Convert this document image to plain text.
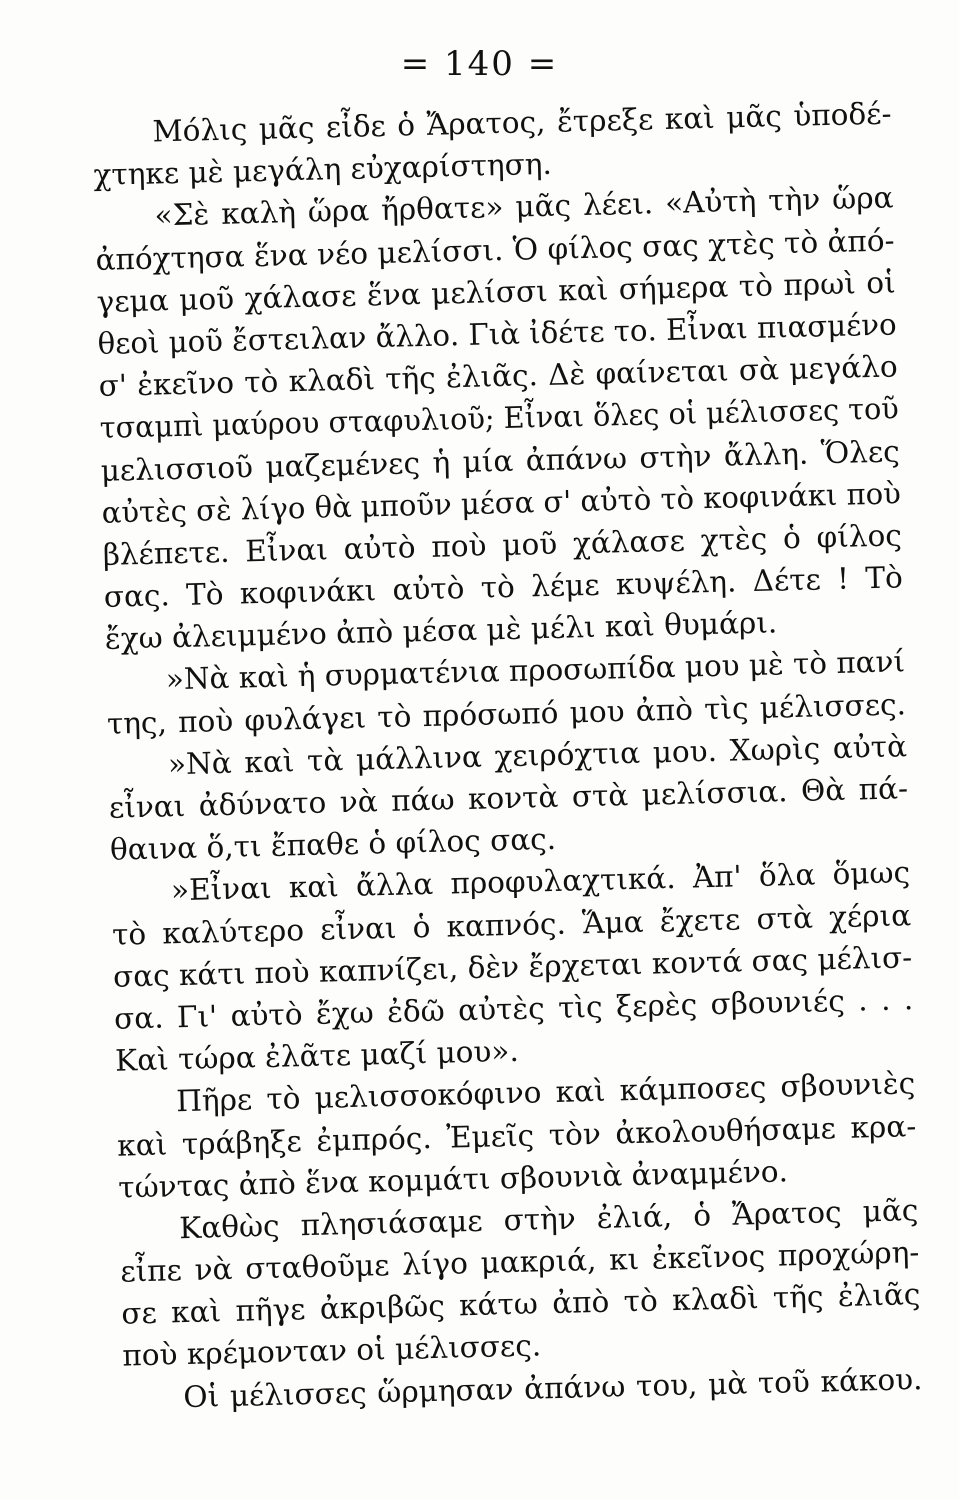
= 140 =
Μόλις μᾶς εἶδε ὁ Ἄρατος, ἔτρεξε καὶ μᾶς ὑποδέ-
χτηκε μὲ μεγάλη εὐχαρίστηση.
«Σὲ καλὴ ὥρα ἤρθατε» μᾶς λέει. «Αὐτὴ τὴν ὥρα
ἀπόχτησα ἕνα νέο μελίσσι. Ὁ φίλος σας χτὲς τὸ ἀπό-
γεμα μοῦ χάλασε ἕνα μελίσσι καὶ σήμερα τὸ πρωὶ οἱ
θεοὶ μοῦ ἔστειλαν ἄλλο. Γιὰ ἰδέτε το. Εἶναι πιασμένο
σ' ἐκεῖνο τὸ κλαδὶ τῆς ἐλιᾶς. Δὲ φαίνεται σὰ μεγάλο
τσαμπὶ μαύρου σταφυλιοῦ; Εἶναι ὅλες οἱ μέλισσες τοῦ
μελισσιοῦ μαζεμένες ἡ μία ἀπάνω στὴν ἄλλη. Ὅλες
αὐτὲς σὲ λίγο θὰ μποῦν μέσα σ' αὐτὸ τὸ κοφινάκι ποὺ
βλέπετε. Εἶναι αὐτὸ ποὺ μοῦ χάλασε χτὲς ὁ φίλος
σας. Τὸ κοφινάκι αὐτὸ τὸ λέμε κυψέλη. Δέτε ! Τὸ
ἔχω ἀλειμμένο ἀπὸ μέσα μὲ μέλι καὶ θυμάρι.
»Νὰ καὶ ἡ συρματένια προσωπίδα μου μὲ τὸ πανί
της, ποὺ φυλάγει τὸ πρόσωπό μου ἀπὸ τὶς μέλισσες.
»Νὰ καὶ τὰ μάλλινα χειρόχτια μου. Χωρὶς αὐτὰ
εἶναι ἀδύνατο νὰ πάω κοντὰ στὰ μελίσσια. Θὰ πά-
θαινα ὅ,τι ἔπαθε ὁ φίλος σας.
»Εἶναι καὶ ἄλλα προφυλαχτικά. Ἀπ' ὅλα ὅμως
τὸ καλύτερο εἶναι ὁ καπνός. Ἅμα ἔχετε στὰ χέρια
σας κάτι ποὺ καπνίζει, δὲν ἔρχεται κοντά σας μέλισ-
σα. Γι' αὐτὸ ἔχω ἐδῶ αὐτὲς τὶς ξερὲς σβουνιές . . .
Καὶ τώρα ἐλᾶτε μαζί μου».
Πῆρε τὸ μελισσοκόφινο καὶ κάμποσες σβουνιὲς
καὶ τράβηξε ἐμπρός. Ἐμεῖς τὸν ἀκολουθήσαμε κρα-
τώντας ἀπὸ ἕνα κομμάτι σβουνιὰ ἀναμμένο.
Καθὼς πλησιάσαμε στὴν ἐλιά, ὁ Ἄρατος μᾶς
εἶπε νὰ σταθοῦμε λίγο μακριά, κι ἐκεῖνος προχώρη-
σε καὶ πῆγε ἀκριβῶς κάτω ἀπὸ τὸ κλαδὶ τῆς ἐλιᾶς
ποὺ κρέμονταν οἱ μέλισσες.
Οἱ μέλισσες ὥρμησαν ἀπάνω του, μὰ τοῦ κάκου.
